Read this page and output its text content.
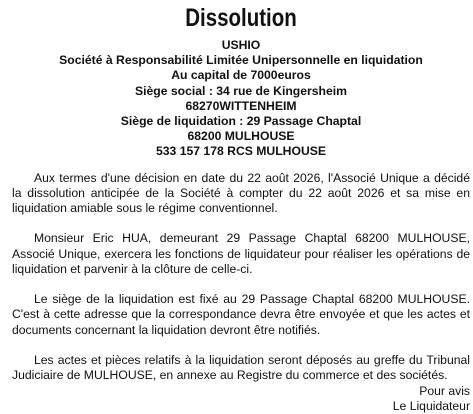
Dissolution
USHIO
Société à Responsabilité Limitée Unipersonnelle en liquidation
Au capital de 7000euros
Siège social : 34 rue de Kingersheim
68270WITTENHEIM
Siège de liquidation : 29 Passage Chaptal
68200 MULHOUSE
533 157 178 RCS MULHOUSE

Aux termes d'une décision en date du 22 août 2026, l'Associé Unique a décidé la dissolution anticipée de la Société à compter du 22 août 2026 et sa mise en liquidation amiable sous le régime conventionnel.

Monsieur Eric HUA, demeurant 29 Passage Chaptal 68200 MULHOUSE, Associé Unique, exercera les fonctions de liquidateur pour réaliser les opérations de liquidation et parvenir à la clôture de celle-ci.

Le siège de la liquidation est fixé au 29 Passage Chaptal 68200 MULHOUSE. C'est à cette adresse que la correspondance devra être envoyée et que les actes et documents concernant la liquidation devront être notifiés.

Les actes et pièces relatifs à la liquidation seront déposés au greffe du Tribunal Judiciaire de MULHOUSE, en annexe au Registre du commerce et des sociétés.

Pour avis
Le Liquidateur
